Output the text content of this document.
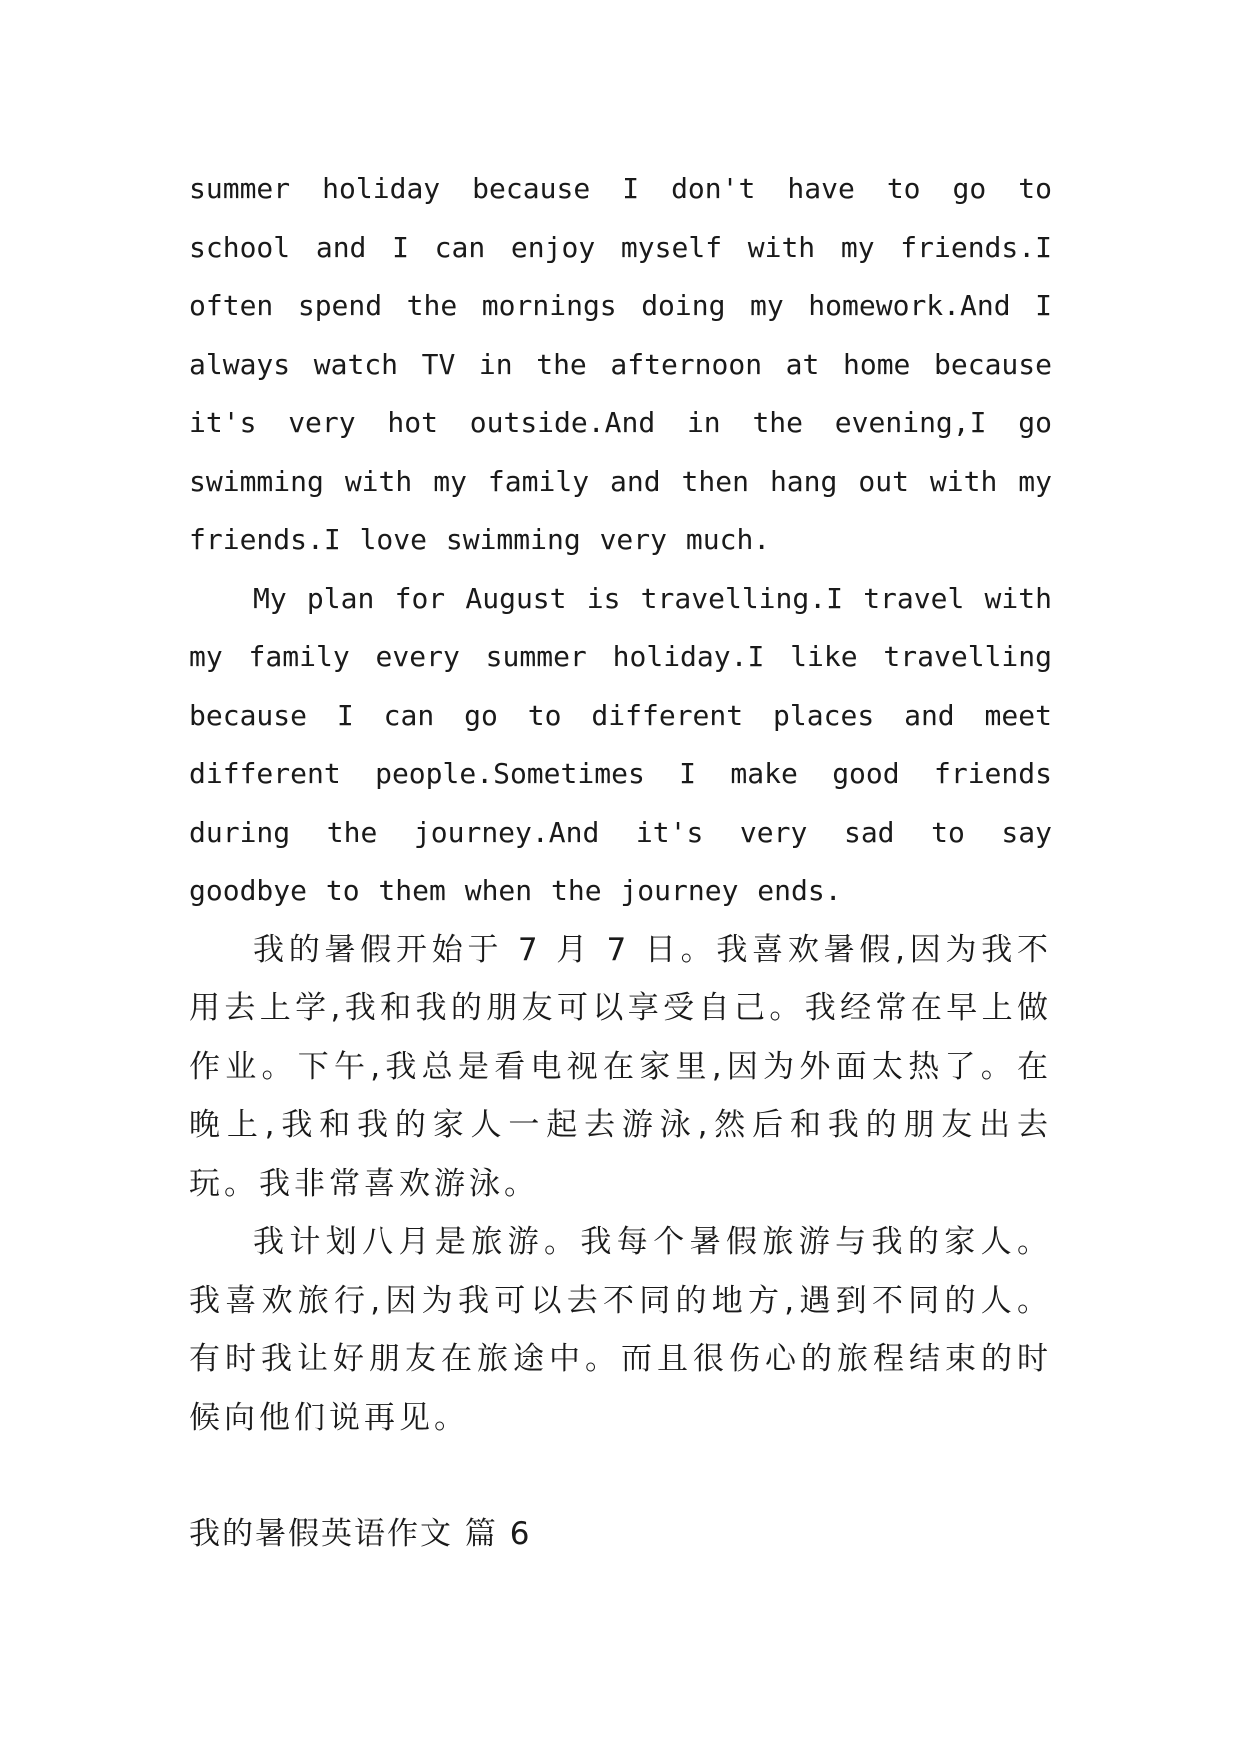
summer holiday because I don't have to go to school and I can enjoy myself with my friends.I often spend the mornings doing my homework.And I always watch TV in the afternoon at home because it's very hot outside.And in the evening,I go swimming with my family and then hang out with my friends.I love swimming very much.

My plan for August is travelling.I travel with my family every summer holiday.I like travelling because I can go to different places and meet different people.Sometimes I make good friends during the journey.And it's very sad to say goodbye to them when the journey ends.

我的暑假开始于 7 月 7 日。我喜欢暑假,因为我不用去上学,我和我的朋友可以享受自己。我经常在早上做作业。下午,我总是看电视在家里,因为外面太热了。在晚上,我和我的家人一起去游泳,然后和我的朋友出去玩。我非常喜欢游泳。

我计划八月是旅游。我每个暑假旅游与我的家人。我喜欢旅行,因为我可以去不同的地方,遇到不同的人。有时我让好朋友在旅途中。而且很伤心的旅程结束的时候向他们说再见。

我的暑假英语作文 篇 6
